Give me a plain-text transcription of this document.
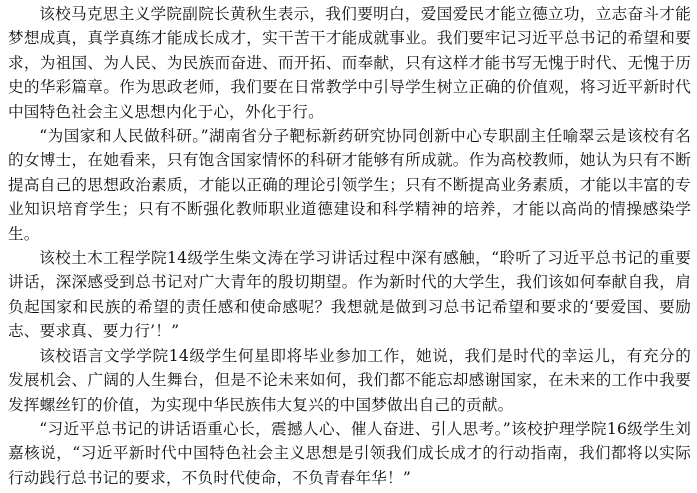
该校马克思主义学院副院长黄秋生表示，我们要明白，爱国爱民才能立德立功，立志奋斗才能梦想成真，真学真练才能成长成才，实干苦干才能成就事业。我们要牢记习近平总书记的希望和要求，为祖国、为人民、为民族而奋进、而开拓、而奉献，只有这样才能书写无愧于时代、无愧于历史的华彩篇章。作为思政老师，我们要在日常教学中引导学生树立正确的价值观，将习近平新时代中国特色社会主义思想内化于心，外化于行。

“为国家和人民做科研。”湖南省分子靶标新药研究协同创新中心专职副主任喻翠云是该校有名的女博士，在她看来，只有饱含国家情怀的科研才能够有所成就。作为高校教师，她认为只有不断提高自己的思想政治素质，才能以正确的理论引领学生；只有不断提高业务素质，才能以丰富的专业知识培育学生；只有不断强化教师职业道德建设和科学精神的培养，才能以高尚的情操感染学生。

该校土木工程学院14级学生柴文涛在学习讲话过程中深有感触，“聆听了习近平总书记的重要讲话，深深感受到总书记对广大青年的殷切期望。作为新时代的大学生，我们该如何奉献自我，肩负起国家和民族的希望的责任感和使命感呢？我想就是做到习总书记希望和要求的‘要爱国、要励志、要求真、要力行’！”

该校语言文学学院14级学生何星即将毕业参加工作，她说，我们是时代的幸运儿，有充分的发展机会、广阔的人生舞台，但是不论未来如何，我们都不能忘却感谢国家，在未来的工作中我要发挥螺丝钉的价值，为实现中华民族伟大复兴的中国梦做出自己的贡献。

“习近平总书记的讲话语重心长，震撼人心、催人奋进、引人思考。”该校护理学院16级学生刘嘉核说，“习近平新时代中国特色社会主义思想是引领我们成长成才的行动指南，我们都将以实际行动践行总书记的要求，不负时代使命，不负青春年华！”
